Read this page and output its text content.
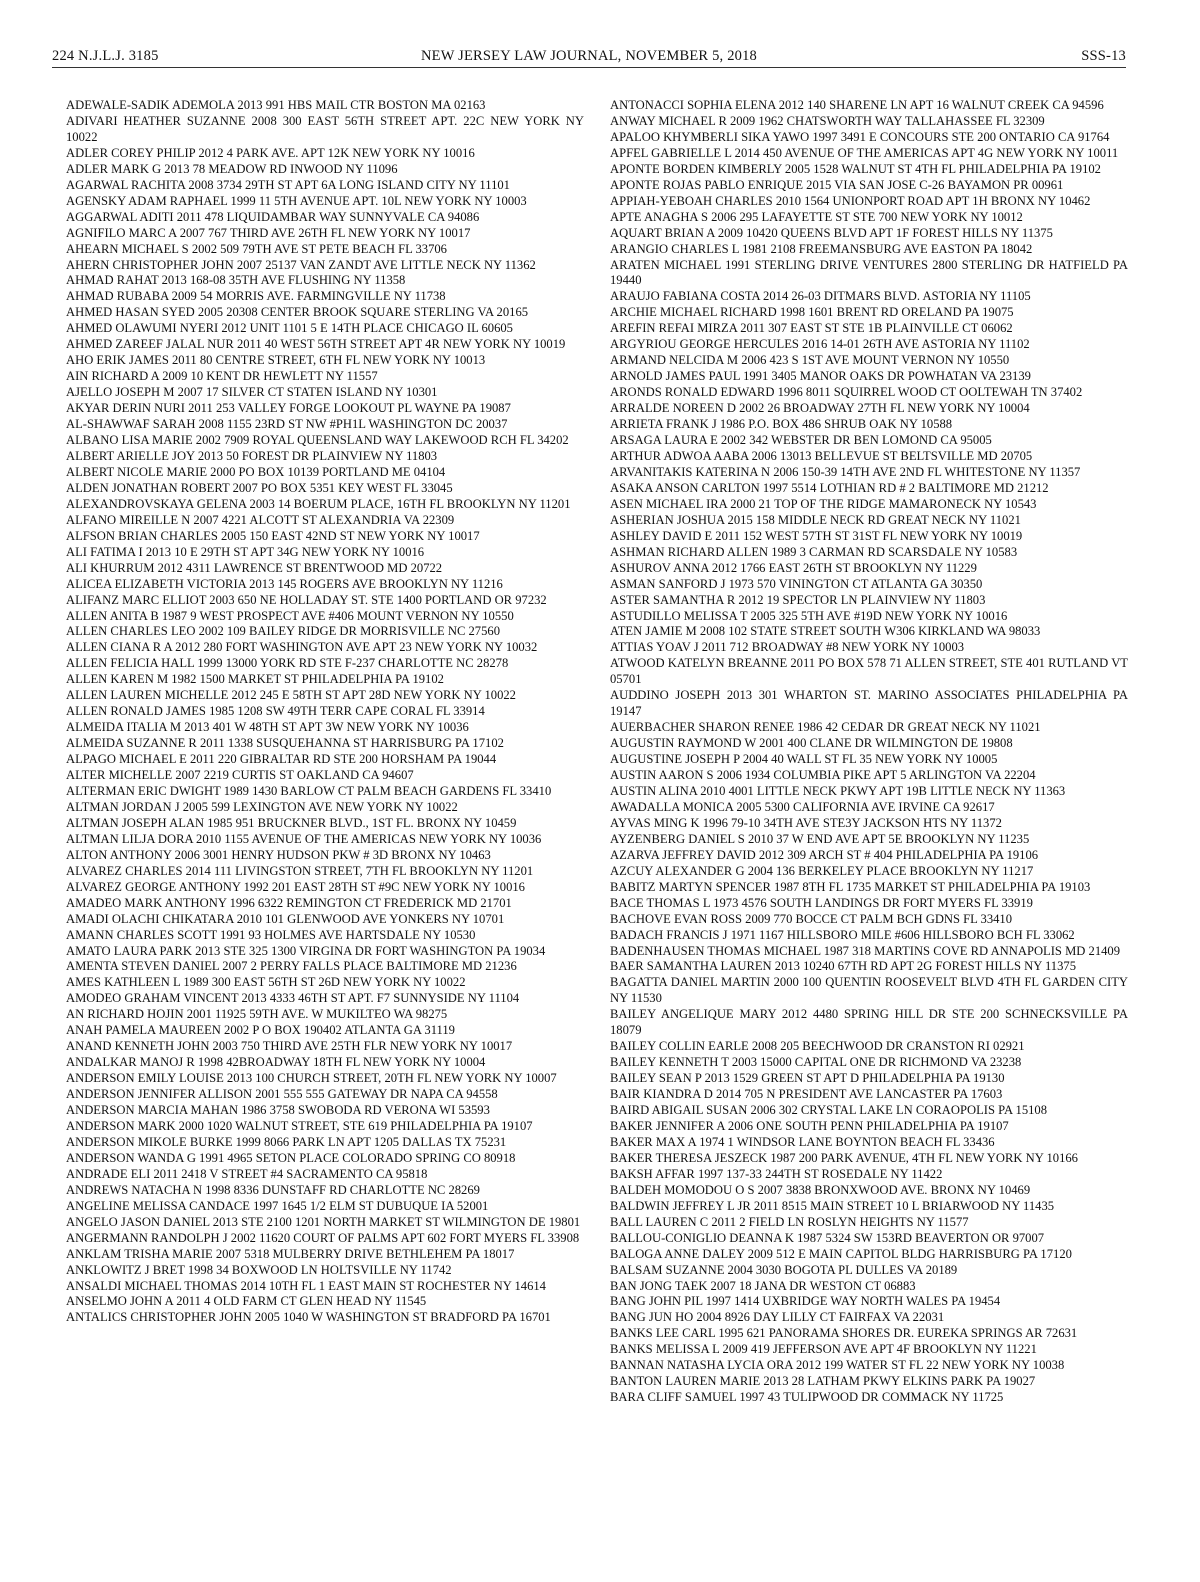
224 N.J.L.J. 3185	NEW JERSEY LAW JOURNAL, NOVEMBER 5, 2018	SSS-13
ADEWALE-SADIK ADEMOLA 2013 991 HBS MAIL CTR BOSTON MA 02163
ADIVARI HEATHER SUZANNE 2008 300 EAST 56TH STREET APT. 22C NEW YORK NY 10022
ADLER COREY PHILIP 2012 4 PARK AVE. APT 12K NEW YORK NY 10016
ADLER MARK G 2013 78 MEADOW RD INWOOD NY 11096
AGARWAL RACHITA 2008 3734 29TH ST APT 6A LONG ISLAND CITY NY 11101
AGENSKY ADAM RAPHAEL 1999 11 5TH AVENUE APT. 10L NEW YORK NY 10003
AGGARWAL ADITI 2011 478 LIQUIDAMBAR WAY SUNNYVALE CA 94086
AGNIFILO MARC A 2007 767 THIRD AVE 26TH FL NEW YORK NY 10017
AHEARN MICHAEL S 2002 509 79TH AVE ST PETE BEACH FL 33706
AHERN CHRISTOPHER JOHN 2007 25137 VAN ZANDT AVE LITTLE NECK NY 11362
AHMAD RAHAT 2013 168-08 35TH AVE FLUSHING NY 11358
AHMAD RUBABA 2009 54 MORRIS AVE. FARMINGVILLE NY 11738
AHMED HASAN SYED 2005 20308 CENTER BROOK SQUARE STERLING VA 20165
AHMED OLAWUMI NYERI 2012 UNIT 1101 5 E 14TH PLACE CHICAGO IL 60605
AHMED ZAREEF JALAL NUR 2011 40 WEST 56TH STREET APT 4R NEW YORK NY 10019
AHO ERIK JAMES 2011 80 CENTRE STREET, 6TH FL NEW YORK NY 10013
AIN RICHARD A 2009 10 KENT DR HEWLETT NY 11557
AJELLO JOSEPH M 2007 17 SILVER CT STATEN ISLAND NY 10301
AKYAR DERIN NURI 2011 253 VALLEY FORGE LOOKOUT PL WAYNE PA 19087
AL-SHAWWAF SARAH 2008 1155 23RD ST NW #PH1L WASHINGTON DC 20037
ALBANO LISA MARIE 2002 7909 ROYAL QUEENSLAND WAY LAKEWOOD RCH FL 34202
ALBERT ARIELLE JOY 2013 50 FOREST DR PLAINVIEW NY 11803
ALBERT NICOLE MARIE 2000 PO BOX 10139 PORTLAND ME 04104
ALDEN JONATHAN ROBERT 2007 PO BOX 5351 KEY WEST FL 33045
ALEXANDROVSKAYA GELENA 2003 14 BOERUM PLACE, 16TH FL BROOKLYN NY 11201
ALFANO MIREILLE N 2007 4221 ALCOTT ST ALEXANDRIA VA 22309
ALFSON BRIAN CHARLES 2005 150 EAST 42ND ST NEW YORK NY 10017
ALI FATIMA I 2013 10 E 29TH ST APT 34G NEW YORK NY 10016
ALI KHURRUM 2012 4311 LAWRENCE ST BRENTWOOD MD 20722
ALICEA ELIZABETH VICTORIA 2013 145 ROGERS AVE BROOKLYN NY 11216
ALIFANZ MARC ELLIOT 2003 650 NE HOLLADAY ST. STE 1400 PORTLAND OR 97232
ALLEN ANITA B 1987 9 WEST PROSPECT AVE #406 MOUNT VERNON NY 10550
ALLEN CHARLES LEO 2002 109 BAILEY RIDGE DR MORRISVILLE NC 27560
ALLEN CIANA R A 2012 280 FORT WASHINGTON AVE APT 23 NEW YORK NY 10032
ALLEN FELICIA HALL 1999 13000 YORK RD STE F-237 CHARLOTTE NC 28278
ALLEN KAREN M 1982 1500 MARKET ST PHILADELPHIA PA 19102
ALLEN LAUREN MICHELLE 2012 245 E 58TH ST APT 28D NEW YORK NY 10022
ALLEN RONALD JAMES 1985 1208 SW 49TH TERR CAPE CORAL FL 33914
ALMEIDA ITALIA M 2013 401 W 48TH ST APT 3W NEW YORK NY 10036
ALMEIDA SUZANNE R 2011 1338 SUSQUEHANNA ST HARRISBURG PA 17102
ALPAGO MICHAEL E 2011 220 GIBRALTAR RD STE 200 HORSHAM PA 19044
ALTER MICHELLE 2007 2219 CURTIS ST OAKLAND CA 94607
ALTERMAN ERIC DWIGHT 1989 1430 BARLOW CT PALM BEACH GARDENS FL 33410
ALTMAN JORDAN J 2005 599 LEXINGTON AVE NEW YORK NY 10022
ALTMAN JOSEPH ALAN 1985 951 BRUCKNER BLVD., 1ST FL. BRONX NY 10459
ALTMAN LILJA DORA 2010 1155 AVENUE OF THE AMERICAS NEW YORK NY 10036
ALTON ANTHONY 2006 3001 HENRY HUDSON PKW # 3D BRONX NY 10463
ALVAREZ CHARLES 2014 111 LIVINGSTON STREET, 7TH FL BROOKLYN NY 11201
ALVAREZ GEORGE ANTHONY 1992 201 EAST 28TH ST #9C NEW YORK NY 10016
AMADEO MARK ANTHONY 1996 6322 REMINGTON CT FREDERICK MD 21701
AMADI OLACHI CHIKATARA 2010 101 GLENWOOD AVE YONKERS NY 10701
AMANN CHARLES SCOTT 1991 93 HOLMES AVE HARTSDALE NY 10530
AMATO LAURA PARK 2013 STE 325 1300 VIRGINA DR FORT WASHINGTON PA 19034
AMENTA STEVEN DANIEL 2007 2 PERRY FALLS PLACE BALTIMORE MD 21236
AMES KATHLEEN L 1989 300 EAST 56TH ST 26D NEW YORK NY 10022
AMODEO GRAHAM VINCENT 2013 4333 46TH ST APT. F7 SUNNYSIDE NY 11104
AN RICHARD HOJIN 2001 11925 59TH AVE. W MUKILTEO WA 98275
ANAH PAMELA MAUREEN 2002 P O BOX 190402 ATLANTA GA 31119
ANAND KENNETH JOHN 2003 750 THIRD AVE 25TH FLR NEW YORK NY 10017
ANDALKAR MANOJ R 1998 42BROADWAY 18TH FL NEW YORK NY 10004
ANDERSON EMILY LOUISE 2013 100 CHURCH STREET, 20TH FL NEW YORK NY 10007
ANDERSON JENNIFER ALLISON 2001 555 555 GATEWAY DR NAPA CA 94558
ANDERSON MARCIA MAHAN 1986 3758 SWOBODA RD VERONA WI 53593
ANDERSON MARK 2000 1020 WALNUT STREET, STE 619 PHILADELPHIA PA 19107
ANDERSON MIKOLE BURKE 1999 8066 PARK LN APT 1205 DALLAS TX 75231
ANDERSON WANDA G 1991 4965 SETON PLACE COLORADO SPRING CO 80918
ANDRADE ELI 2011 2418 V STREET #4 SACRAMENTO CA 95818
ANDREWS NATACHA N 1998 8336 DUNSTAFF RD CHARLOTTE NC 28269
ANGELINE MELISSA CANDACE 1997 1645 1/2 ELM ST DUBUQUE IA 52001
ANGELO JASON DANIEL 2013 STE 2100 1201 NORTH MARKET ST WILMINGTON DE 19801
ANGERMANN RANDOLPH J 2002 11620 COURT OF PALMS APT 602 FORT MYERS FL 33908
ANKLAM TRISHA MARIE 2007 5318 MULBERRY DRIVE BETHLEHEM PA 18017
ANKLOWITZ J BRET 1998 34 BOXWOOD LN HOLTSVILLE NY 11742
ANSALDI MICHAEL THOMAS 2014 10TH FL 1 EAST MAIN ST ROCHESTER NY 14614
ANSELMO JOHN A 2011 4 OLD FARM CT GLEN HEAD NY 11545
ANTALICS CHRISTOPHER JOHN 2005 1040 W WASHINGTON ST BRADFORD PA 16701
ANTONACCI SOPHIA ELENA 2012 140 SHARENE LN APT 16 WALNUT CREEK CA 94596
ANWAY MICHAEL R 2009 1962 CHATSWORTH WAY TALLAHASSEE FL 32309
APALOO KHYMBERLI SIKA YAWO 1997 3491 E CONCOURS STE 200 ONTARIO CA 91764
APFEL GABRIELLE L 2014 450 AVENUE OF THE AMERICAS APT 4G NEW YORK NY 10011
APONTE BORDEN KIMBERLY 2005 1528 WALNUT ST 4TH FL PHILADELPHIA PA 19102
APONTE ROJAS PABLO ENRIQUE 2015 VIA SAN JOSE C-26 BAYAMON PR 00961
APPIAH-YEBOAH CHARLES 2010 1564 UNIONPORT ROAD APT 1H BRONX NY 10462
APTE ANAGHA S 2006 295 LAFAYETTE ST STE 700 NEW YORK NY 10012
AQUART BRIAN A 2009 10420 QUEENS BLVD APT 1F FOREST HILLS NY 11375
ARANGIO CHARLES L 1981 2108 FREEMANSBURG AVE EASTON PA 18042
ARATEN MICHAEL 1991 STERLING DRIVE VENTURES 2800 STERLING DR HATFIELD PA 19440
ARAUJO FABIANA COSTA 2014 26-03 DITMARS BLVD. ASTORIA NY 11105
ARCHIE MICHAEL RICHARD 1998 1601 BRENT RD ORELAND PA 19075
AREFIN REFAI MIRZA 2011 307 EAST ST STE 1B PLAINVILLE CT 06062
ARGYRIOU GEORGE HERCULES 2016 14-01 26TH AVE ASTORIA NY 11102
ARMAND NELCIDA M 2006 423 S 1ST AVE MOUNT VERNON NY 10550
ARNOLD JAMES PAUL 1991 3405 MANOR OAKS DR POWHATAN VA 23139
ARONDS RONALD EDWARD 1996 8011 SQUIRREL WOOD CT OOLTEWAH TN 37402
ARRALDE NOREEN D 2002 26 BROADWAY 27TH FL NEW YORK NY 10004
ARRIETA FRANK J 1986 P.O. BOX 486 SHRUB OAK NY 10588
ARSAGA LAURA E 2002 342 WEBSTER DR BEN LOMOND CA 95005
ARTHUR ADWOA AABA 2006 13013 BELLEVUE ST BELTSVILLE MD 20705
ARVANITAKIS KATERINA N 2006 150-39 14TH AVE 2ND FL WHITESTONE NY 11357
ASAKA ANSON CARLTON 1997 5514 LOTHIAN RD # 2 BALTIMORE MD 21212
ASEN MICHAEL IRA 2000 21 TOP OF THE RIDGE MAMARONECK NY 10543
ASHERIAN JOSHUA 2015 158 MIDDLE NECK RD GREAT NECK NY 11021
ASHLEY DAVID E 2011 152 WEST 57TH ST 31ST FL NEW YORK NY 10019
ASHMAN RICHARD ALLEN 1989 3 CARMAN RD SCARSDALE NY 10583
ASHUROV ANNA 2012 1766 EAST 26TH ST BROOKLYN NY 11229
ASMAN SANFORD J 1973 570 VININGTON CT ATLANTA GA 30350
ASTER SAMANTHA R 2012 19 SPECTOR LN PLAINVIEW NY 11803
ASTUDILLO MELISSA T 2005 325 5TH AVE #19D NEW YORK NY 10016
ATEN JAMIE M 2008 102 STATE STREET SOUTH W306 KIRKLAND WA 98033
ATTIAS YOAV J 2011 712 BROADWAY #8 NEW YORK NY 10003
ATWOOD KATELYN BREANNE 2011 PO BOX 578 71 ALLEN STREET, STE 401 RUTLAND VT 05701
AUDDINO JOSEPH 2013 301 WHARTON ST. MARINO ASSOCIATES PHILADELPHIA PA 19147
AUERBACHER SHARON RENEE 1986 42 CEDAR DR GREAT NECK NY 11021
AUGUSTIN RAYMOND W 2001 400 CLANE DR WILMINGTON DE 19808
AUGUSTINE JOSEPH P 2004 40 WALL ST FL 35 NEW YORK NY 10005
AUSTIN AARON S 2006 1934 COLUMBIA PIKE APT 5 ARLINGTON VA 22204
AUSTIN ALINA 2010 4001 LITTLE NECK PKWY APT 19B LITTLE NECK NY 11363
AWADALLA MONICA 2005 5300 CALIFORNIA AVE IRVINE CA 92617
AYVAS MING K 1996 79-10 34TH AVE STE3Y JACKSON HTS NY 11372
AYZENBERG DANIEL S 2010 37 W END AVE APT 5E BROOKLYN NY 11235
AZARVA JEFFREY DAVID 2012 309 ARCH ST # 404 PHILADELPHIA PA 19106
AZCUY ALEXANDER G 2004 136 BERKELEY PLACE BROOKLYN NY 11217
BABITZ MARTYN SPENCER 1987 8TH FL 1735 MARKET ST PHILADELPHIA PA 19103
BACE THOMAS L 1973 4576 SOUTH LANDINGS DR FORT MYERS FL 33919
BACHOVE EVAN ROSS 2009 770 BOCCE CT PALM BCH GDNS FL 33410
BADACH FRANCIS J 1971 1167 HILLSBORO MILE #606 HILLSBORO BCH FL 33062
BADENHAUSEN THOMAS MICHAEL 1987 318 MARTINS COVE RD ANNAPOLIS MD 21409
BAER SAMANTHA LAUREN 2013 10240 67TH RD APT 2G FOREST HILLS NY 11375
BAGATTA DANIEL MARTIN 2000 100 QUENTIN ROOSEVELT BLVD 4TH FL GARDEN CITY NY 11530
BAILEY ANGELIQUE MARY 2012 4480 SPRING HILL DR STE 200 SCHNECKSVILLE PA 18079
BAILEY COLLIN EARLE 2008 205 BEECHWOOD DR CRANSTON RI 02921
BAILEY KENNETH T 2003 15000 CAPITAL ONE DR RICHMOND VA 23238
BAILEY SEAN P 2013 1529 GREEN ST APT D PHILADELPHIA PA 19130
BAIR KIANDRA D 2014 705 N PRESIDENT AVE LANCASTER PA 17603
BAIRD ABIGAIL SUSAN 2006 302 CRYSTAL LAKE LN CORAOPOLIS PA 15108
BAKER JENNIFER A 2006 ONE SOUTH PENN PHILADELPHIA PA 19107
BAKER MAX A 1974 1 WINDSOR LANE BOYNTON BEACH FL 33436
BAKER THERESA JESZECK 1987 200 PARK AVENUE, 4TH FL NEW YORK NY 10166
BAKSH AFFAR 1997 137-33 244TH ST ROSEDALE NY 11422
BALDEH MOMODOU O S 2007 3838 BRONXWOOD AVE. BRONX NY 10469
BALDWIN JEFFREY L JR 2011 8515 MAIN STREET 10 L BRIARWOOD NY 11435
BALL LAUREN C 2011 2 FIELD LN ROSLYN HEIGHTS NY 11577
BALLOU-CONIGLIO DEANNA K 1987 5324 SW 153RD BEAVERTON OR 97007
BALOGA ANNE DALEY 2009 512 E MAIN CAPITOL BLDG HARRISBURG PA 17120
BALSAM SUZANNE 2004 3030 BOGOTA PL DULLES VA 20189
BAN JONG TAEK 2007 18 JANA DR WESTON CT 06883
BANG JOHN PIL 1997 1414 UXBRIDGE WAY NORTH WALES PA 19454
BANG JUN HO 2004 8926 DAY LILLY CT FAIRFAX VA 22031
BANKS LEE CARL 1995 621 PANORAMA SHORES DR. EUREKA SPRINGS AR 72631
BANKS MELISSA L 2009 419 JEFFERSON AVE APT 4F BROOKLYN NY 11221
BANNAN NATASHA LYCIA ORA 2012 199 WATER ST FL 22 NEW YORK NY 10038
BANTON LAUREN MARIE 2013 28 LATHAM PKWY ELKINS PARK PA 19027
BARA CLIFF SAMUEL 1997 43 TULIPWOOD DR COMMACK NY 11725
